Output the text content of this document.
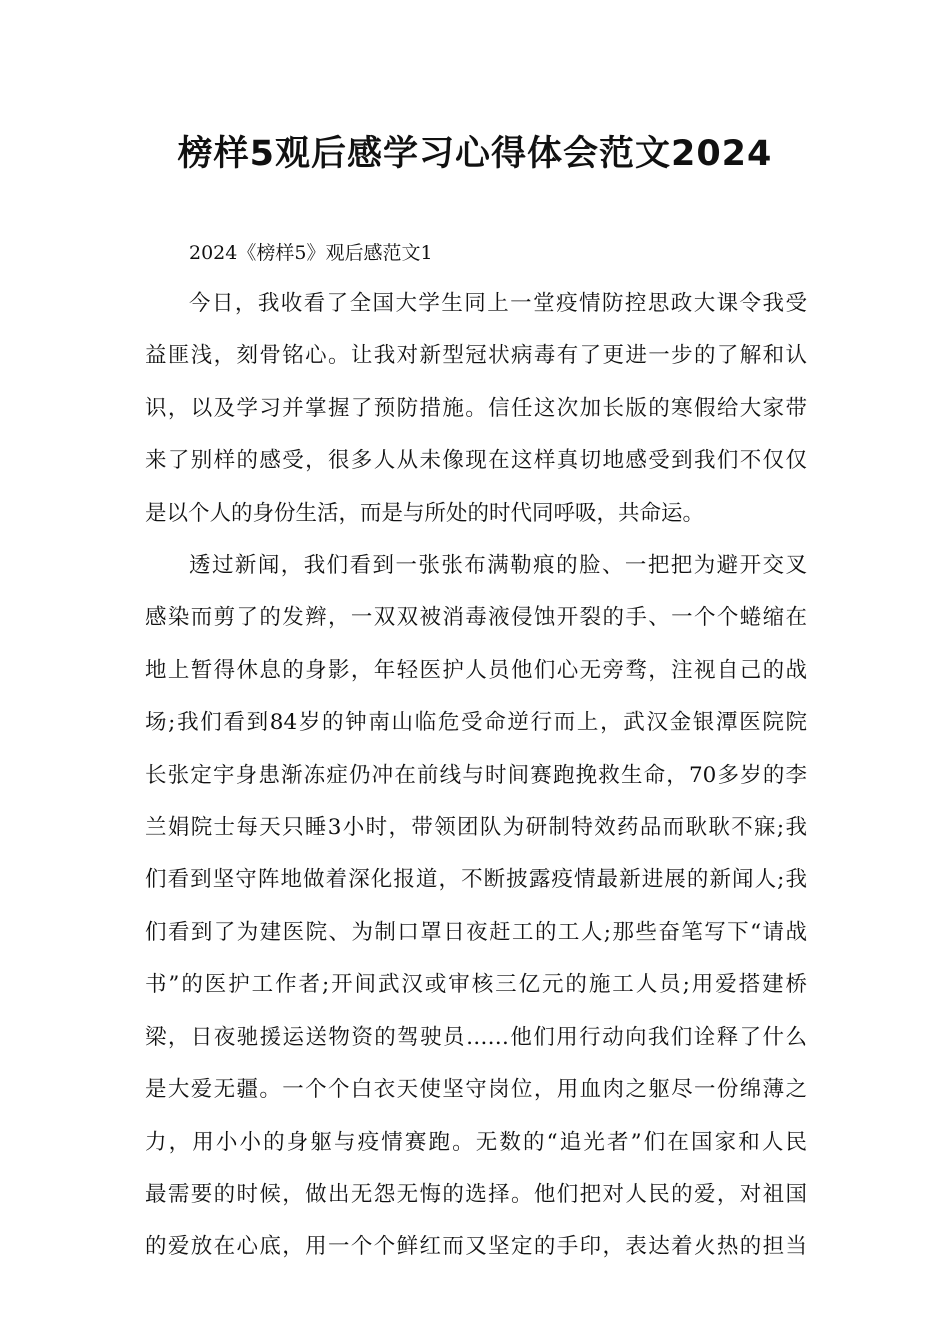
榜样5观后感学习心得体会范文2024

2024《榜样5》观后感范文1

今日，我收看了全国大学生同上一堂疫情防控思政大课令我受
益匪浅，刻骨铭心。让我对新型冠状病毒有了更进一步的了解和认
识，以及学习并掌握了预防措施。信任这次加长版的寒假给大家带
来了别样的感受，很多人从未像现在这样真切地感受到我们不仅仅
是以个人的身份生活，而是与所处的时代同呼吸，共命运。
透过新闻，我们看到一张张布满勒痕的脸、一把把为避开交叉
感染而剪了的发辫，一双双被消毒液侵蚀开裂的手、一个个蜷缩在
地上暂得休息的身影，年轻医护人员他们心无旁骛，注视自己的战
场;我们看到84岁的钟南山临危受命逆行而上，武汉金银潭医院院
长张定宇身患渐冻症仍冲在前线与时间赛跑挽救生命，70多岁的李
兰娟院士每天只睡3小时，带领团队为研制特效药品而耿耿不寐;我
们看到坚守阵地做着深化报道，不断披露疫情最新进展的新闻人;我
们看到了为建医院、为制口罩日夜赶工的工人;那些奋笔写下“请战
书”的医护工作者;开间武汉或审核三亿元的施工人员;用爱搭建桥
梁，日夜驰援运送物资的驾驶员……他们用行动向我们诠释了什么
是大爱无疆。一个个白衣天使坚守岗位，用血肉之躯尽一份绵薄之
力，用小小的身躯与疫情赛跑。无数的“追光者”们在国家和人民
最需要的时候，做出无怨无悔的选择。他们把对人民的爱，对祖国
的爱放在心底，用一个个鲜红而又坚定的手印，表达着火热的担当
